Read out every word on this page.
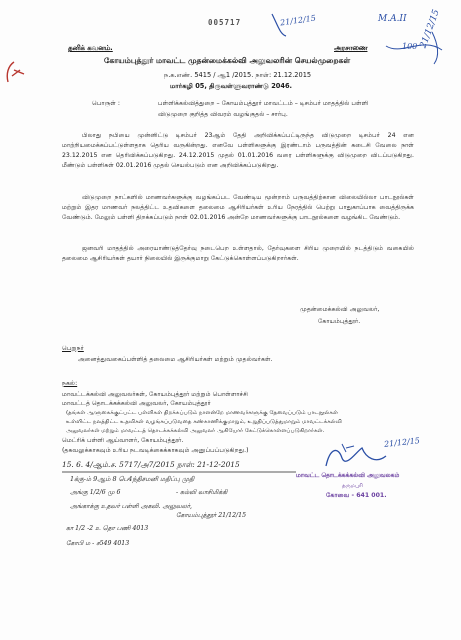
005717	21/12/15	M.A.II 21/12/15
100
தனிக் கவனம்.	அரசாணை
கோயம்புத்தூர் மாவட்ட முதன்மைக்கல்வி அலுவலரின் செயல்முறைகள்
ந.க.எண். 5415 / ஆ1 /2015. நாள்: 21.12.2015
மார்கழி 05, திருவள்ளுவராண்டு 2046.
பொருள் :	பள்ளிக்கல்வித்துறை – கோயம்புத்தூர் மாவட்டம் – டிசம்பர் மாதத்தில் பள்ளி
விடுமுறை குறித்த விவரம் வழங்குதல் – சார்பு.
பிலாது நபியை முன்னிட்டு டிசம்பர் 23ஆம் தேதி அறிவிக்கப்பட்டிருந்த விடுமுறை டிசம்பர் 24 என மாற்றியமைக்கப்பட்டுள்ளதாக தெரிய வருகின்றது. எனவே பள்ளிகளுக்கு இரண்டாம் பருவத்தின் கடைசி வேலை நாள் 23.12.2015 என தெரிவிக்கப்படுகிறது. 24.12.2015 முதல் 01.01.2016 வரை பள்ளிகளுக்கு விடுமுறை விடப்படுகிறது. மீண்டும் பள்ளிகள் 02.01.2016 முதல் செயல்படும் என அறிவிக்கப்படுகிறது.
விடுமுறை நாட்களில் மாணவர்களுக்கு வழங்கப்பட வேண்டிய மூன்றாம் பருவத்திற்கான விலையில்லா பாடநூல்கள் மற்றும் இதர மாணவர் நலத்திட்ட உதவிகளை தலைமை ஆசிரியர்கள் உரிய நேரத்தில் பெற்று பாதுகாப்பாக வைத்திருக்க வேண்டும். மேலும் பள்ளி திறக்கப்படும் நாள் 02.01.2016 அன்றே மாணவர்களுக்கு பாடநூல்களை வழங்கிட வேண்டும்.
ஜனவரி மாதத்தில் அரையாண்டுத்தேர்வு நடைபெற உள்ளதால், தேர்வுகளை சிரிய முறையில் நடத்திடும் வகையில் தலைமை ஆசிரியர்கள் தயார் நிலையில் இருக்குமாறு கேட்டுக்கொள்ளப்படுகிறார்கள்.
முதன்மைக்கல்வி அலுவலர்,
கோயம்புத்தூர்.
பெறுநர்
அனைத்துவகைப்பள்ளித் தலைமை ஆசிரியர்கள் மற்றும் முதல்வர்கள்.
நகல்:
மாவட்டக்கல்வி அலுவலர்கள், கோயம்புத்தூர் மற்றும் பொள்ளாச்சி
மாவட்டத் தொடக்கக்கல்வி அலுவலர், கோயம்புத்தூர்
(தங்கள் ஆளுகைக்குட்பட்ட பள்ளிகள் திறக்கப்படும் நாளன்றே மாணவர்களுக்கு தேவைப்படும் பாடநூல்கள்
உள்ளிட்ட நலத்திட்ட உதவிகள் வழங்கப்படுவதை கண்காணிக்குமாறும், உறுதிப்படுத்துமாறும் மாவட்டக்கல்வி
அலுவலர்கள் மற்றும் மாவட்டத் தொடக்கக்கல்வி அலுவலர் ஆகியோர் கேட்டுக்கொள்ளப்படுகிறார்கள்.
மெட்ரிக் பள்ளி ஆய்வாளர், கோயம்புத்தூர்.
(தகவலுக்காகவும் உரிய நடவடிக்கைக்காகவும் அனுப்பப்படுகிறது.)
15. 6. 4/ஆம்.ச. 5717/அ7/2015 நாள்: 21-12-2015
1க்கு-ம் 9ஆம் 8 பெ4ந்திசமனி மதிப்பு முதி
அங்கு 1/2/6 மு 6	- கல்வி வாசிமிக்கி
அங்காக்கு உதவர் பள்ளி அகவி. அலுவலர்,
கோயம்புத்தூர் 21/12/15
கா 1/2 -2 உ தொ பணி 4013
கோபி ம - ச549 4013
21/12/15
மாவட்ட தொடக்கக்கல்வி அலுவலகம்
தருமபுரி
கோவை - 641 001.
